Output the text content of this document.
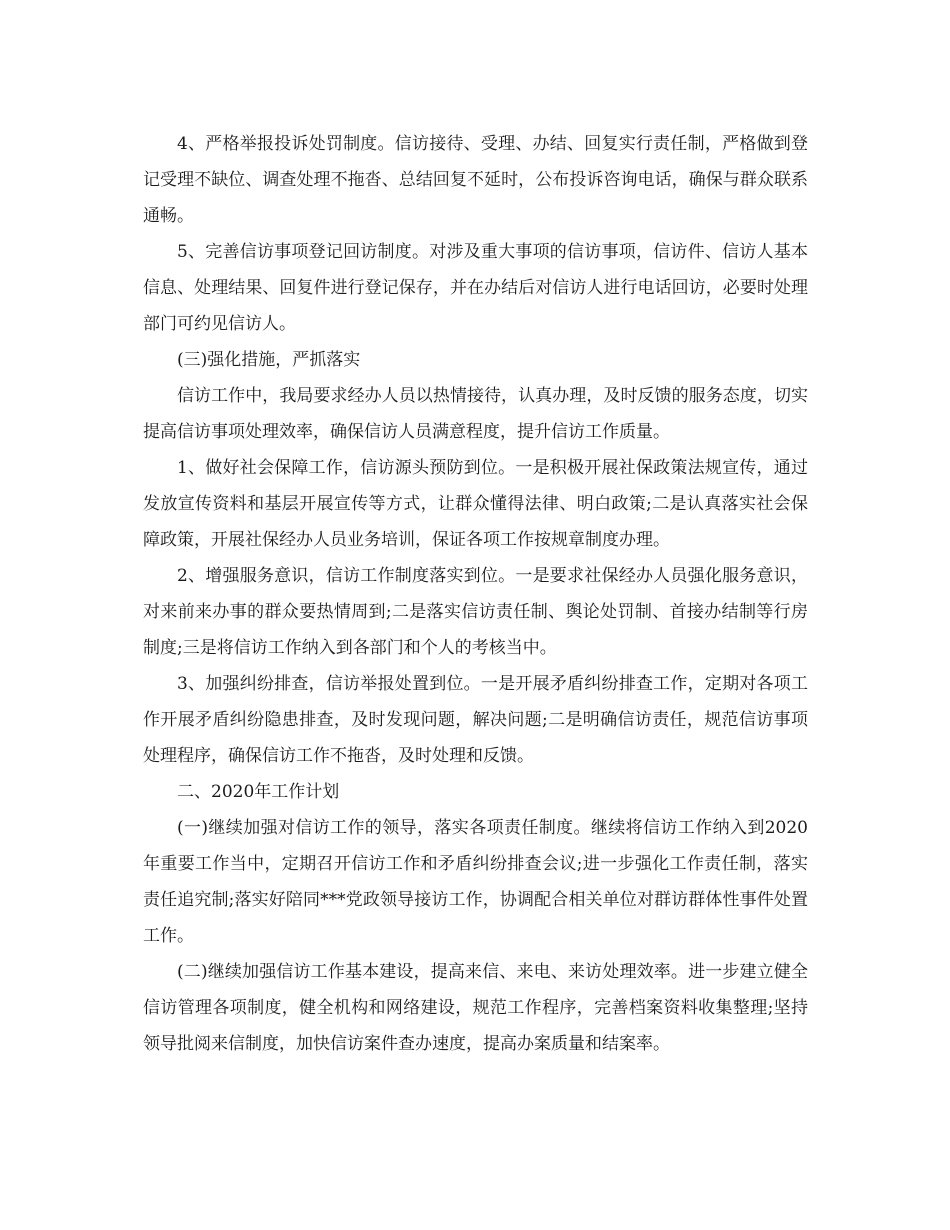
4、严格举报投诉处罚制度。信访接待、受理、办结、回复实行责任制，严格做到登记受理不缺位、调查处理不拖沓、总结回复不延时，公布投诉咨询电话，确保与群众联系通畅。

5、完善信访事项登记回访制度。对涉及重大事项的信访事项，信访件、信访人基本信息、处理结果、回复件进行登记保存，并在办结后对信访人进行电话回访，必要时处理部门可约见信访人。

(三)强化措施，严抓落实

信访工作中，我局要求经办人员以热情接待，认真办理，及时反馈的服务态度，切实提高信访事项处理效率，确保信访人员满意程度，提升信访工作质量。

1、做好社会保障工作，信访源头预防到位。一是积极开展社保政策法规宣传，通过发放宣传资料和基层开展宣传等方式，让群众懂得法律、明白政策;二是认真落实社会保障政策，开展社保经办人员业务培训，保证各项工作按规章制度办理。

2、增强服务意识，信访工作制度落实到位。一是要求社保经办人员强化服务意识，对来前来办事的群众要热情周到;二是落实信访责任制、舆论处罚制、首接办结制等行房制度;三是将信访工作纳入到各部门和个人的考核当中。

3、加强纠纷排查，信访举报处置到位。一是开展矛盾纠纷排查工作，定期对各项工作开展矛盾纠纷隐患排查，及时发现问题，解决问题;二是明确信访责任，规范信访事项处理程序，确保信访工作不拖沓，及时处理和反馈。

二、2020年工作计划

(一)继续加强对信访工作的领导，落实各项责任制度。继续将信访工作纳入到2020年重要工作当中，定期召开信访工作和矛盾纠纷排查会议;进一步强化工作责任制，落实责任追究制;落实好陪同***党政领导接访工作，协调配合相关单位对群访群体性事件处置工作。

(二)继续加强信访工作基本建设，提高来信、来电、来访处理效率。进一步建立健全信访管理各项制度，健全机构和网络建设，规范工作程序，完善档案资料收集整理;坚持领导批阅来信制度，加快信访案件查办速度，提高办案质量和结案率。
